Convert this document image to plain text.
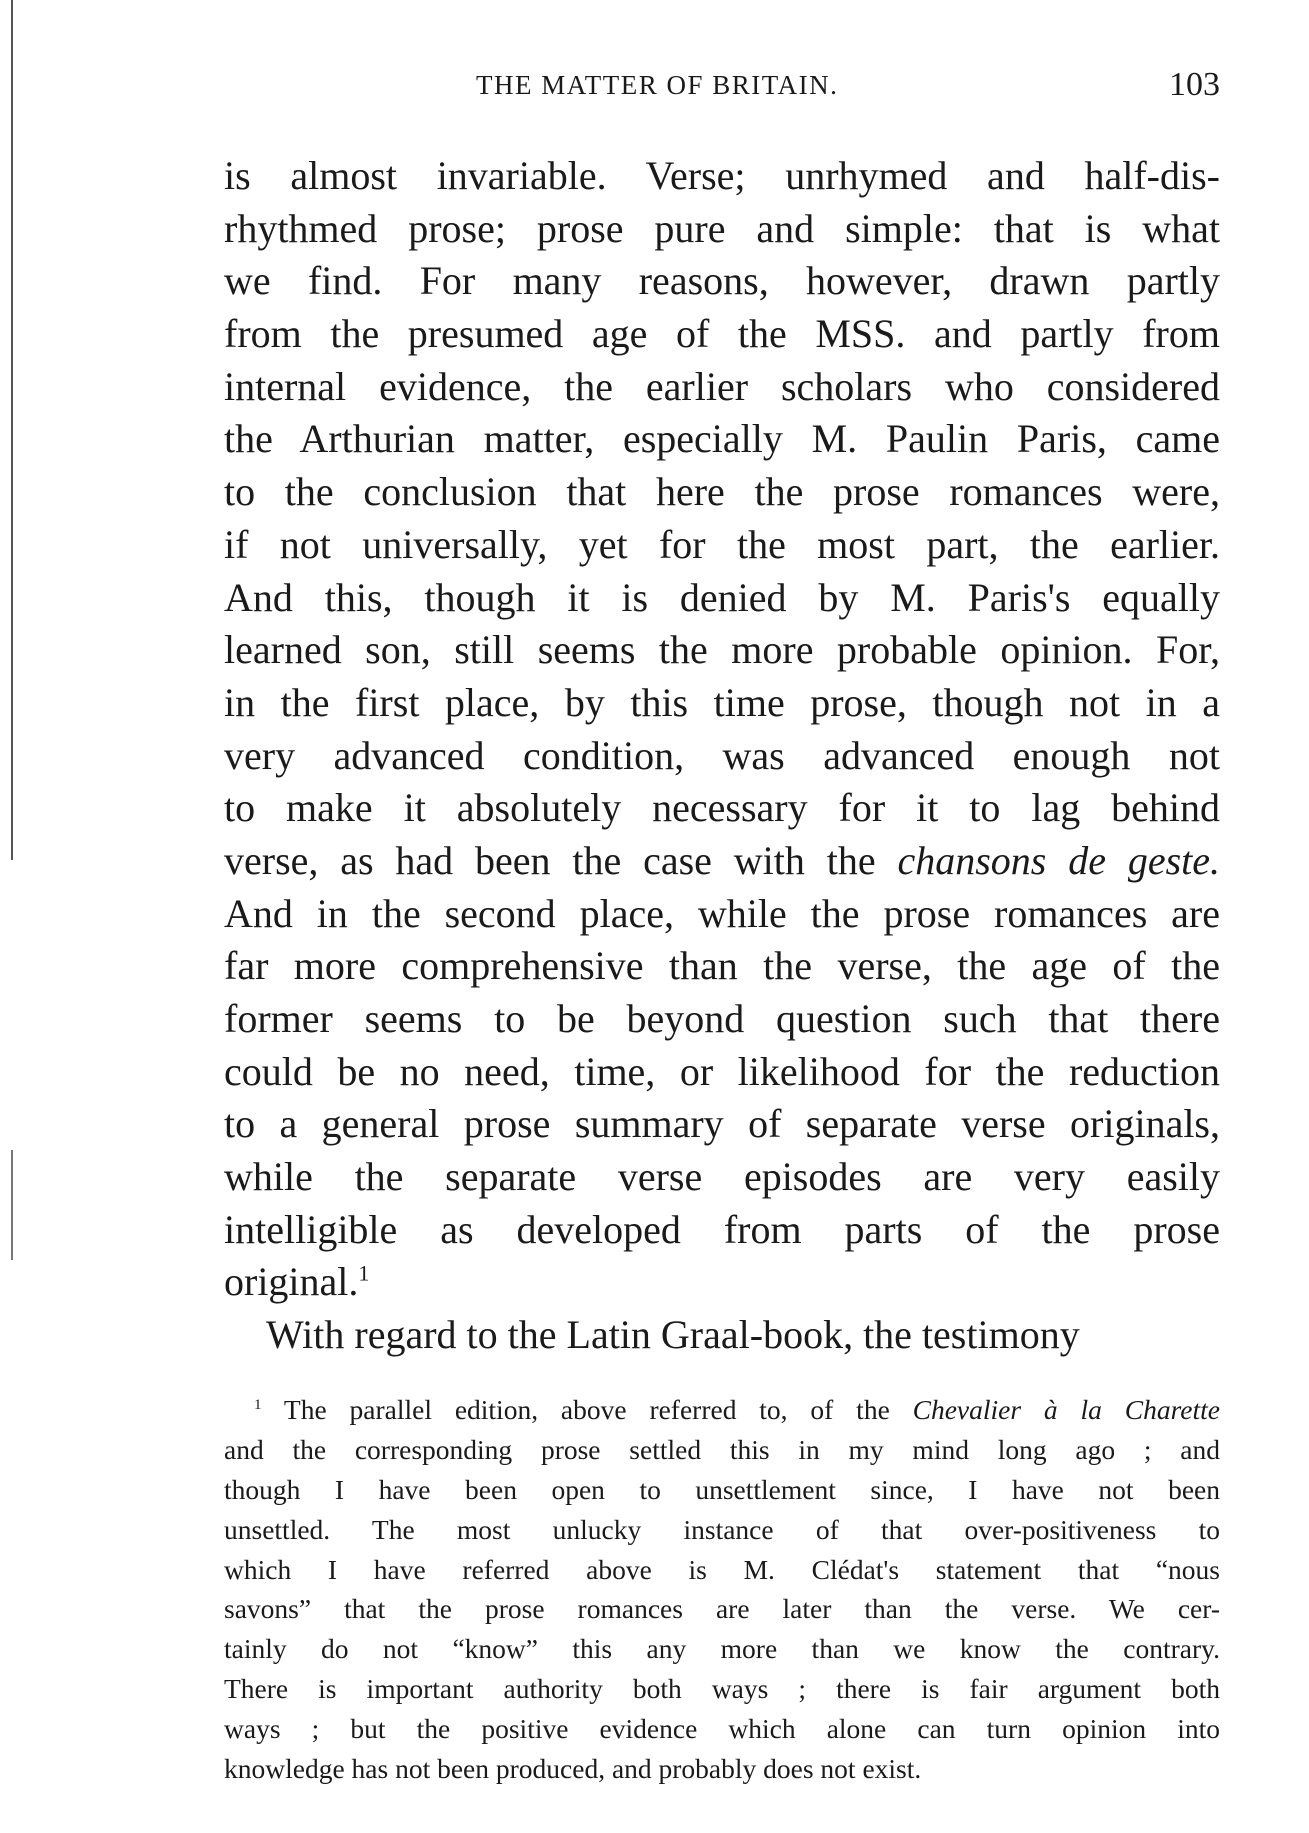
THE MATTER OF BRITAIN.	103
is almost invariable. Verse; unrhymed and half-dis-
rhythmed prose; prose pure and simple: that is what
we find. For many reasons, however, drawn partly
from the presumed age of the MSS. and partly from
internal evidence, the earlier scholars who considered
the Arthurian matter, especially M. Paulin Paris, came
to the conclusion that here the prose romances were,
if not universally, yet for the most part, the earlier.
And this, though it is denied by M. Paris's equally
learned son, still seems the more probable opinion. For,
in the first place, by this time prose, though not in a
very advanced condition, was advanced enough not
to make it absolutely necessary for it to lag behind
verse, as had been the case with the chansons de geste.
And in the second place, while the prose romances are
far more comprehensive than the verse, the age of the
former seems to be beyond question such that there
could be no need, time, or likelihood for the reduction
to a general prose summary of separate verse originals,
while the separate verse episodes are very easily
intelligible as developed from parts of the prose
original.$^1$
With regard to the Latin Graal-book, the testimony
$^1$ The parallel edition, above referred to, of the Chevalier à la Charette
and the corresponding prose settled this in my mind long ago ; and
though I have been open to unsettlement since, I have not been
unsettled. The most unlucky instance of that over-positiveness to
which I have referred above is M. Clédat's statement that “nous
savons” that the prose romances are later than the verse. We cer-
tainly do not “know” this any more than we know the contrary.
There is important authority both ways ; there is fair argument both
ways ; but the positive evidence which alone can turn opinion into
knowledge has not been produced, and probably does not exist.
